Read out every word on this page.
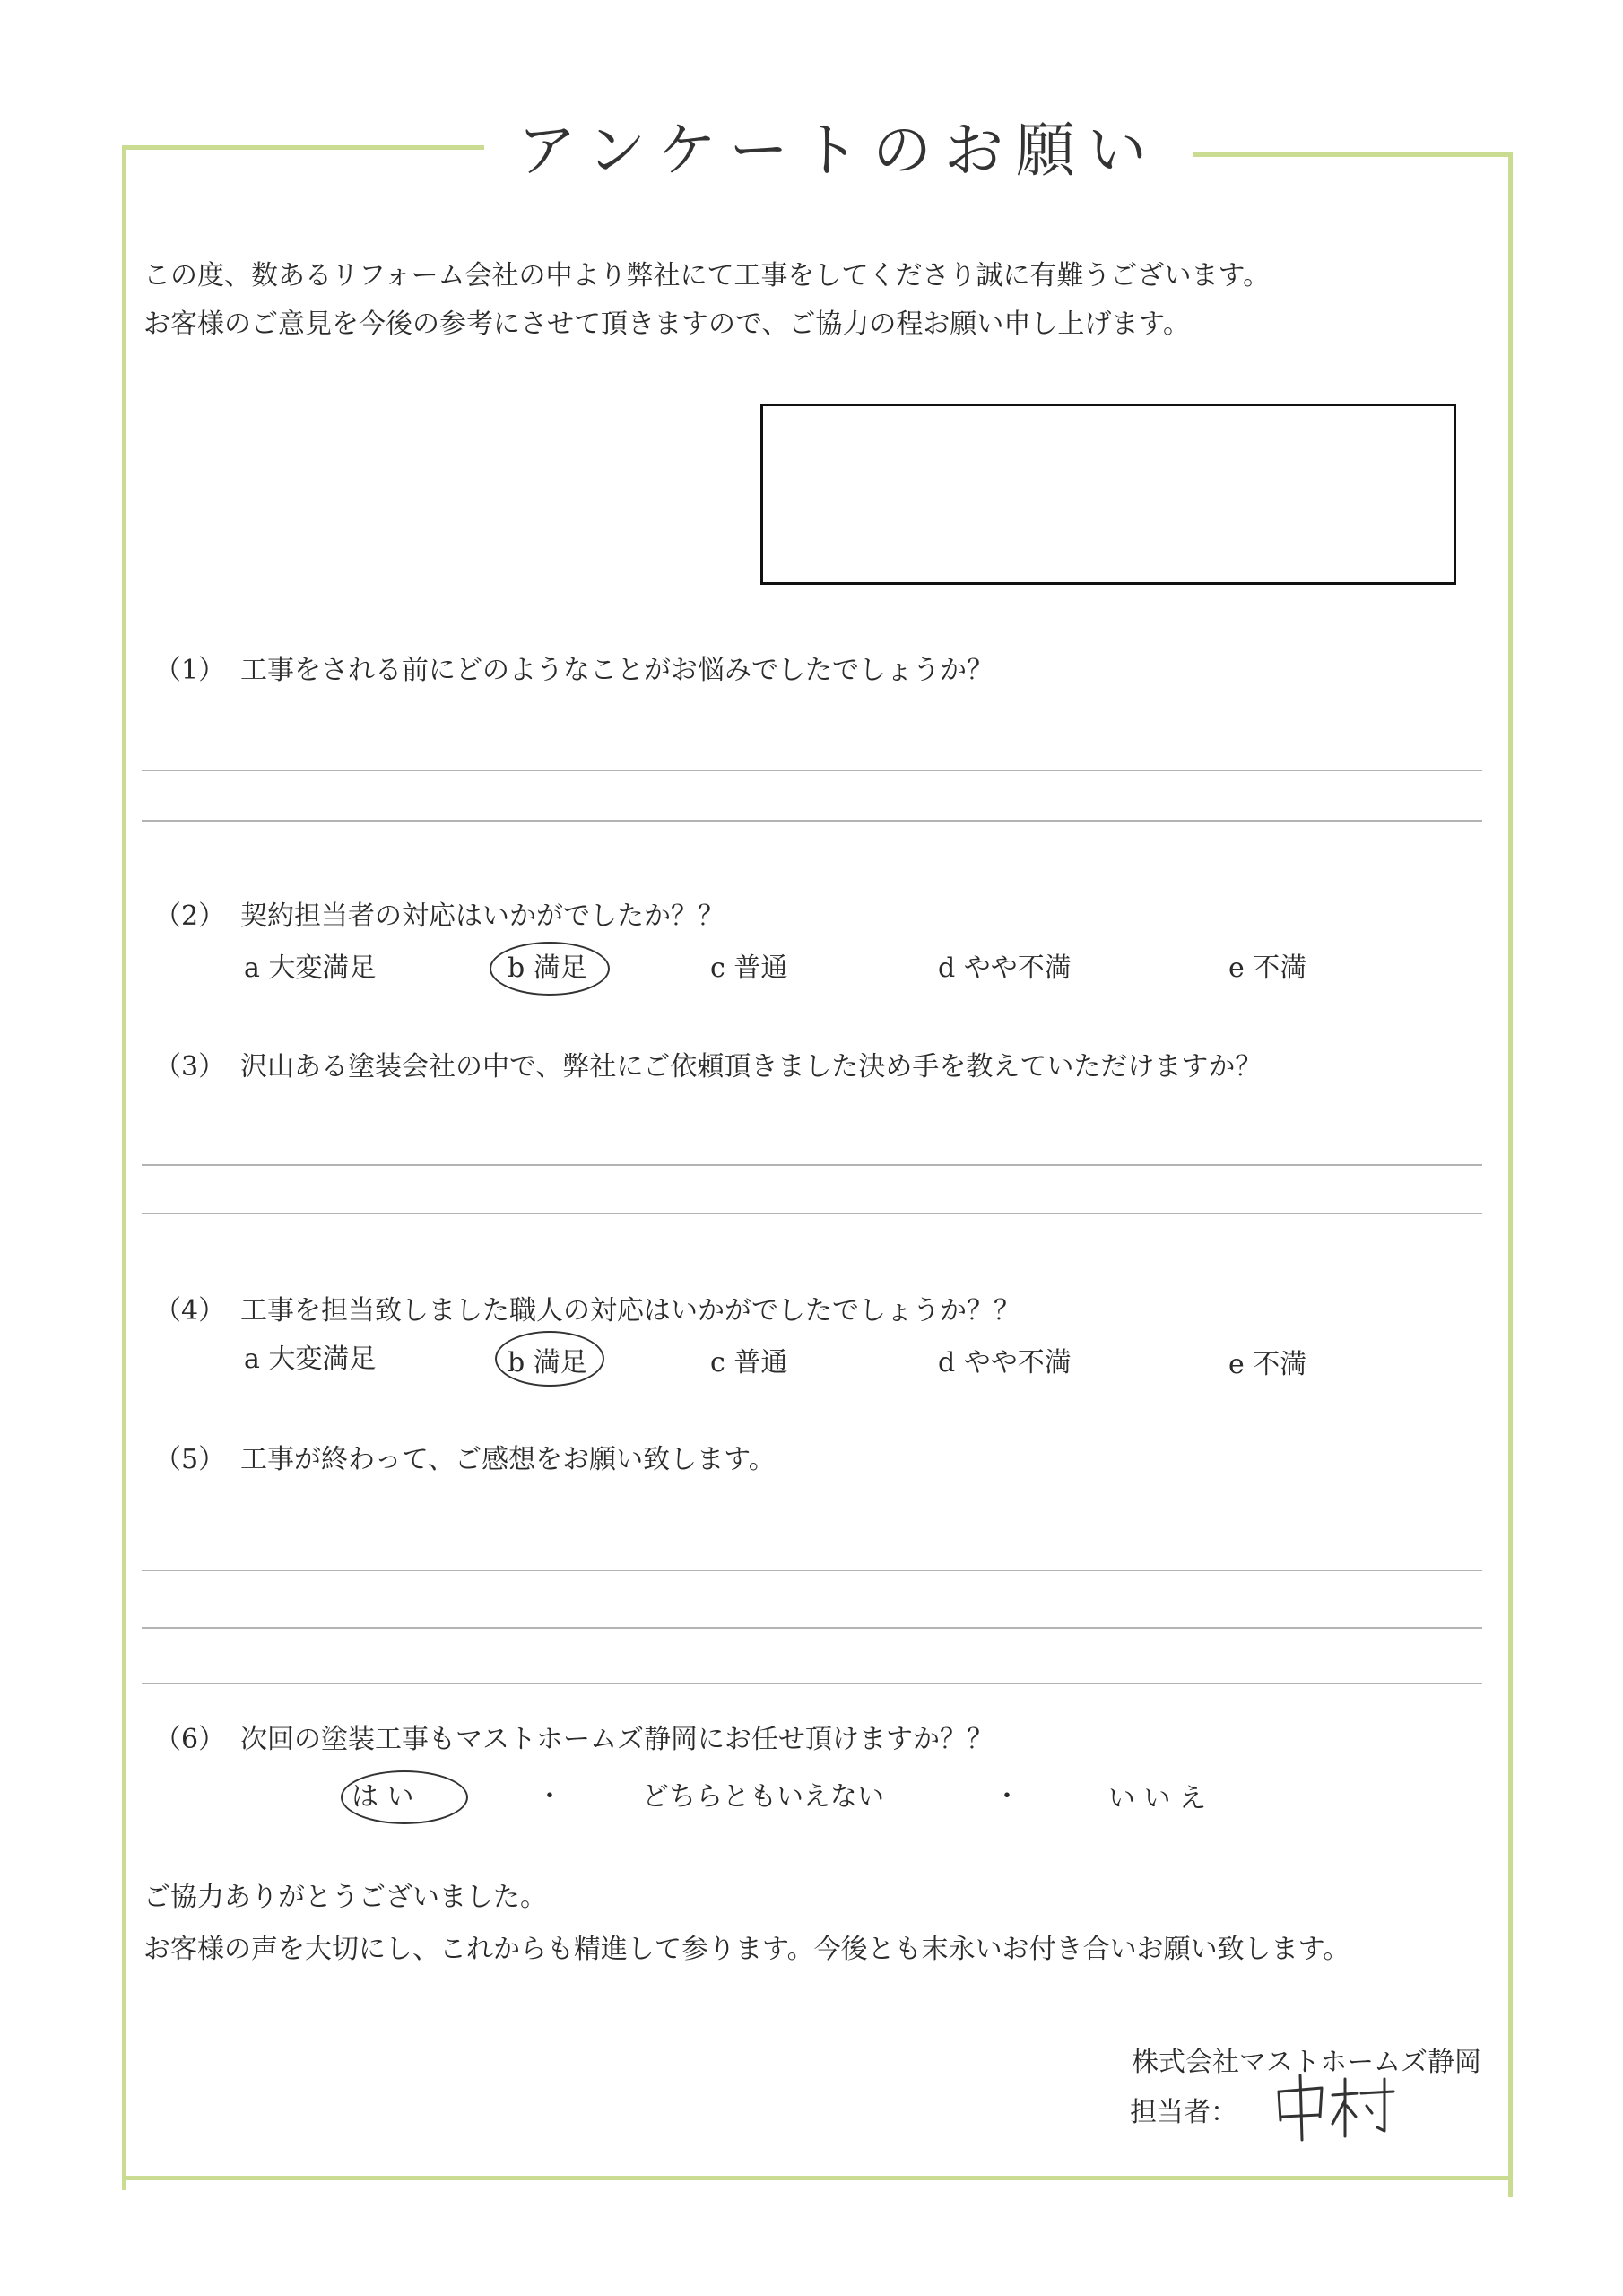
アンケートのお願い
この度、数あるリフォーム会社の中より弊社にて工事をしてくださり誠に有難うございます。
お客様のご意見を今後の参考にさせて頂きますので、ご協力の程お願い申し上げます。
（1） 工事をされる前にどのようなことがお悩みでしたでしょうか？
（2） 契約担当者の対応はいかがでしたか？？
a 大変満足	b 満足	c 普通	d やや不満	e 不満
（3） 沢山ある塗装会社の中で、弊社にご依頼頂きました決め手を教えていただけますか？
（4） 工事を担当致しました職人の対応はいかがでしたでしょうか？？
a 大変満足	b 満足	c 普通	d やや不満	e 不満
（5） 工事が終わって、ご感想をお願い致します。
（6） 次回の塗装工事もマストホームズ静岡にお任せ頂けますか？？
は い	・	どちらともいえない	・	い い え
ご協力ありがとうございました。
お客様の声を大切にし、これからも精進して参ります。今後とも末永いお付き合いお願い致します。
株式会社マストホームズ静岡
担当者：
